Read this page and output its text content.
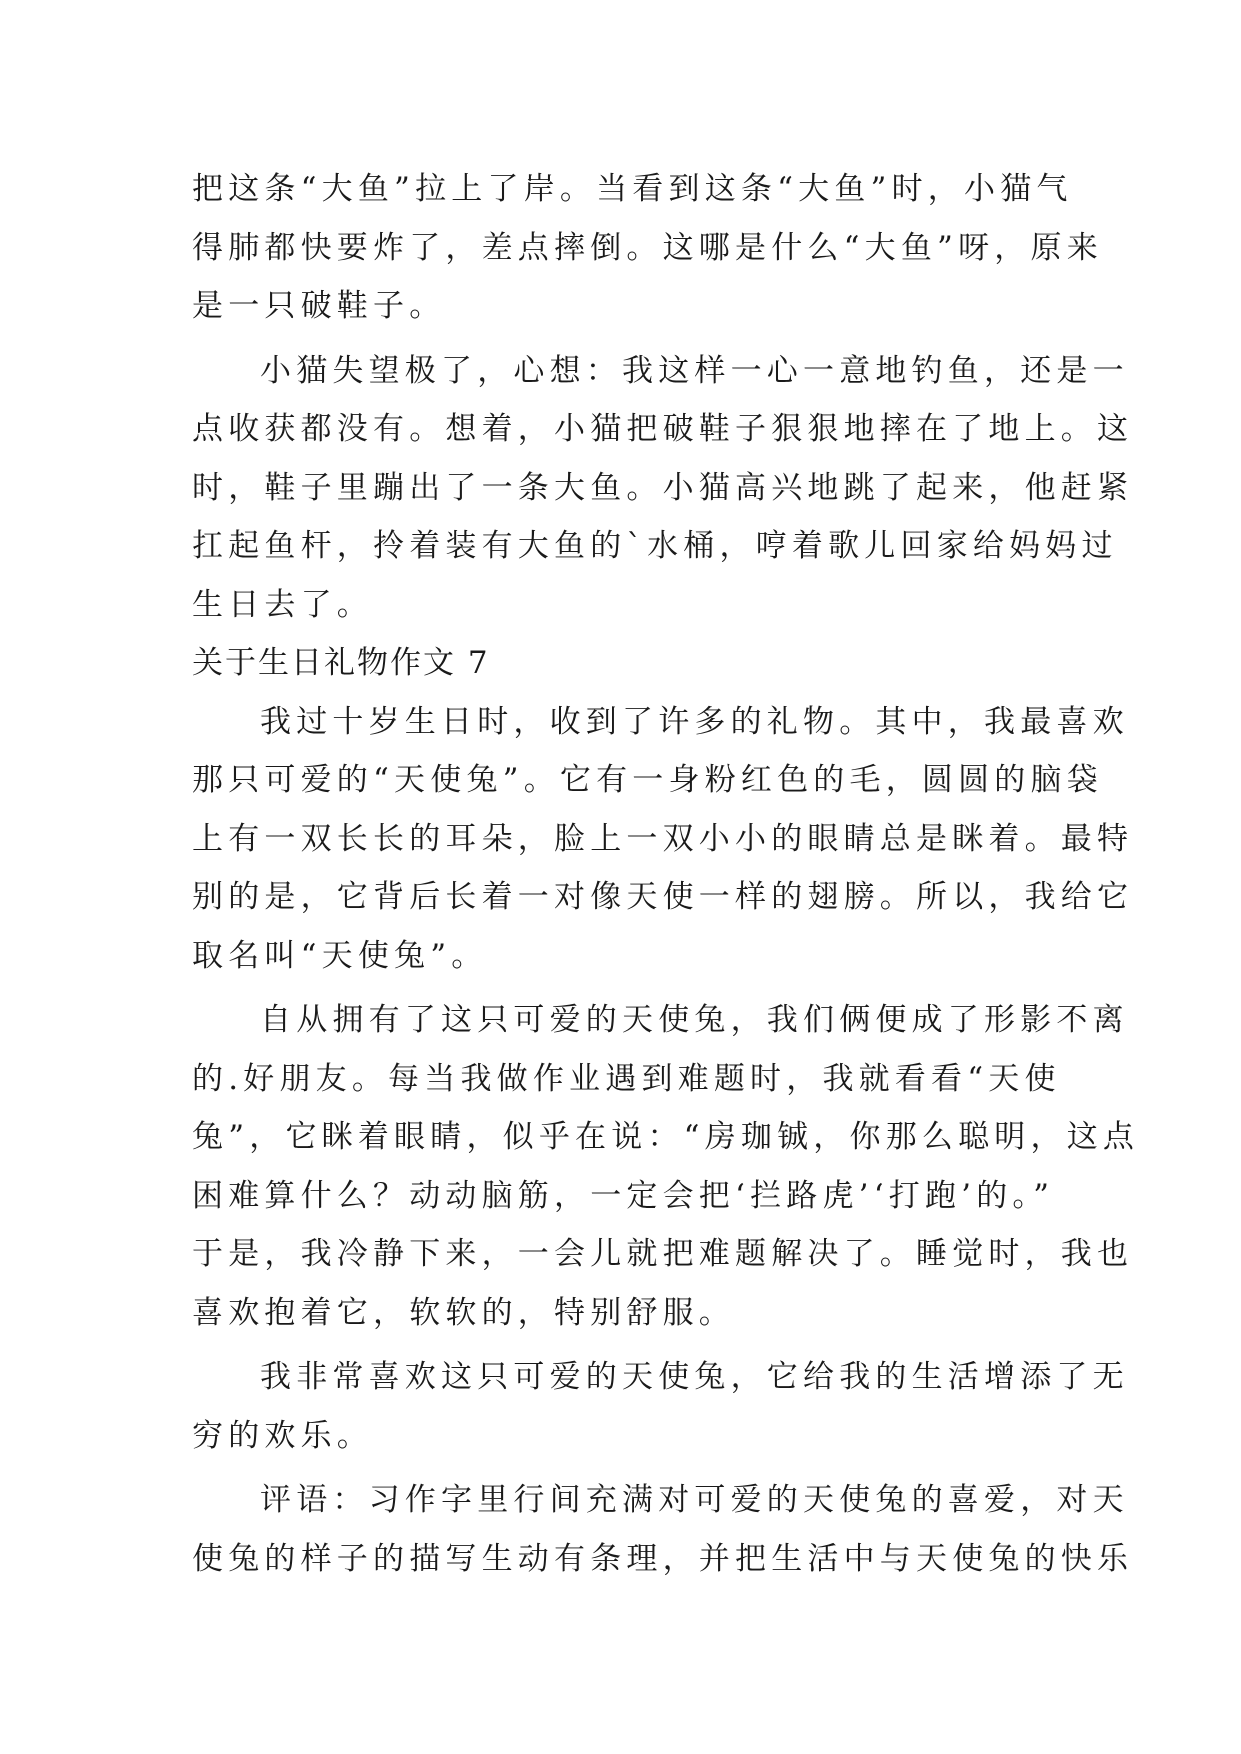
把这条“大鱼”拉上了岸。当看到这条“大鱼”时，小猫气
得肺都快要炸了，差点摔倒。这哪是什么“大鱼”呀，原来
是一只破鞋子。
小猫失望极了，心想：我这样一心一意地钓鱼，还是一
点收获都没有。想着，小猫把破鞋子狠狠地摔在了地上。这
时，鞋子里蹦出了一条大鱼。小猫高兴地跳了起来，他赶紧
扛起鱼杆，拎着装有大鱼的`水桶，哼着歌儿回家给妈妈过
生日去了。
关于生日礼物作文 7
我过十岁生日时，收到了许多的礼物。其中，我最喜欢
那只可爱的“天使兔”。它有一身粉红色的毛，圆圆的脑袋
上有一双长长的耳朵，脸上一双小小的眼睛总是眯着。最特
别的是，它背后长着一对像天使一样的翅膀。所以，我给它
取名叫“天使兔”。
自从拥有了这只可爱的天使兔，我们俩便成了形影不离
的.好朋友。每当我做作业遇到难题时，我就看看“天使
兔”，它眯着眼睛，似乎在说：“房珈铖，你那么聪明，这点
困难算什么？动动脑筋，一定会把‘拦路虎’‘打跑’的。”
于是，我冷静下来，一会儿就把难题解决了。睡觉时，我也
喜欢抱着它，软软的，特别舒服。
我非常喜欢这只可爱的天使兔，它给我的生活增添了无
穷的欢乐。
评语：习作字里行间充满对可爱的天使兔的喜爱，对天
使兔的样子的描写生动有条理，并把生活中与天使兔的快乐
